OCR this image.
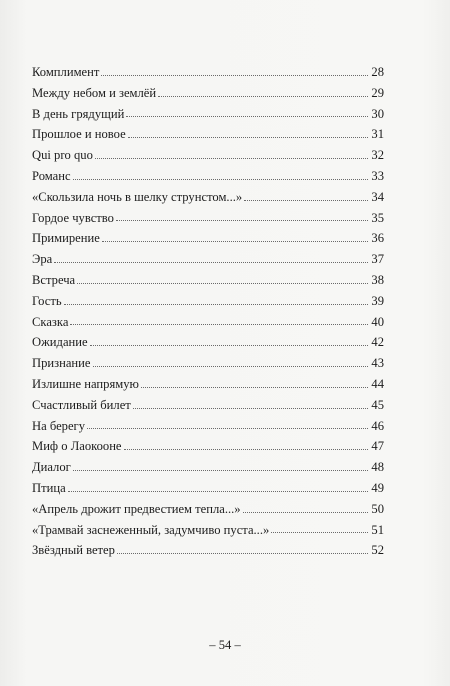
Комплимент	28
Между небом и землёй	29
В день грядущий	30
Прошлое и новое	31
Qui pro quo	32
Романс	33
«Скользила ночь в шелку струнстом...»	34
Гордое чувство	35
Примирение	36
Эра	37
Встреча	38
Гость	39
Сказка	40
Ожидание	42
Признание	43
Излишне напрямую	44
Счастливый билет	45
На берегу	46
Миф о Лаокооне	47
Диалог	48
Птица	49
«Апрель дрожит предвестием тепла...»	50
«Трамвай заснеженный, задумчиво пуста...»	51
Звёздный ветер	52
– 54 –
